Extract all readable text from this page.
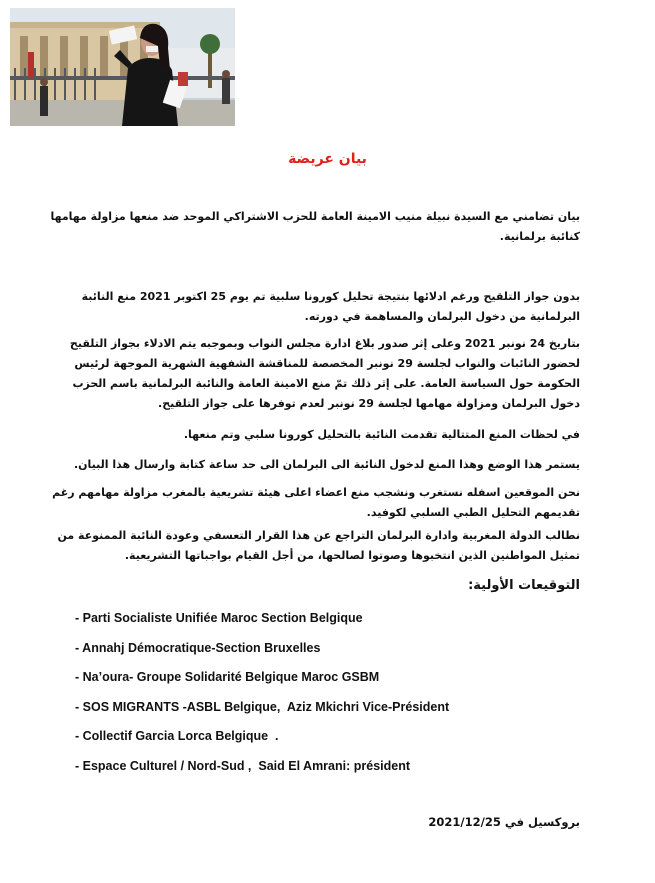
بيان عريضة
بيان تضامني مع السيدة نبيلة منيب الامينة العامة للحزب الاشتراكي الموحد ضد منعها مزاولة مهامها
كنائبة برلمانية.
بدون جواز التلقيح ورغم ادلائها بنتيجة تحليل كورونا سلبية تم يوم 25 اكتوبر 2021 منع النائبة
البرلمانية من دخول البرلمان والمساهمة في دورته.
بتاريخ 24 نونبر 2021 وعلى إثر صدور بلاغ ادارة مجلس النواب وبموجبه يتم الادلاء بجواز التلقيح
لحضور النائبات والنواب لجلسة 29 نونبر المخصصة للمناقشة الشفهية الشهرية الموجهة لرئيس
الحكومة حول السياسة العامة. على إثر ذلك تمّ منع الامينة العامة والنائبة البرلمانية باسم الحزب
دخول البرلمان ومزاولة مهامها لجلسة 29 نونبر لعدم توفرها على جواز التلقيح.
في لحظات المنع المتتالية تقدمت النائبة بالتحليل كورونا سلبي وتم منعها.
يستمر هذا الوضع وهذا المنع لدخول النائبة الى البرلمان الى حد ساعة كتابة وارسال هذا البيان.
نحن الموقعين اسفله نستغرب ونشجب منع اعضاء اعلى هيئة تشريعية بالمغرب مزاولة مهامهم رغم
تقديمهم التحليل الطبي السلبي لكوفيد.
نطالب الدولة المغربية وادارة البرلمان التراجع عن هذا القرار التعسفي وعودة النائبة الممنوعة من
تمثيل المواطنين الذين انتخبوها وصوتوا لصالحها، من أجل القيام بواجباتها التشريعية.
التوقيعات الأولية:
- Parti Socialiste Unifiée Maroc Section Belgique
- Annahj Démocratique-Section Bruxelles
- Na’oura- Groupe Solidarité Belgique Maroc GSBM
- SOS MIGRANTS -ASBL Belgique,  Aziz Mkichri Vice-Président
- Collectif Garcia Lorca Belgique  .
- Espace Culturel / Nord-Sud ,  Said El Amrani: président
بروكسيل في 2021/12/25
